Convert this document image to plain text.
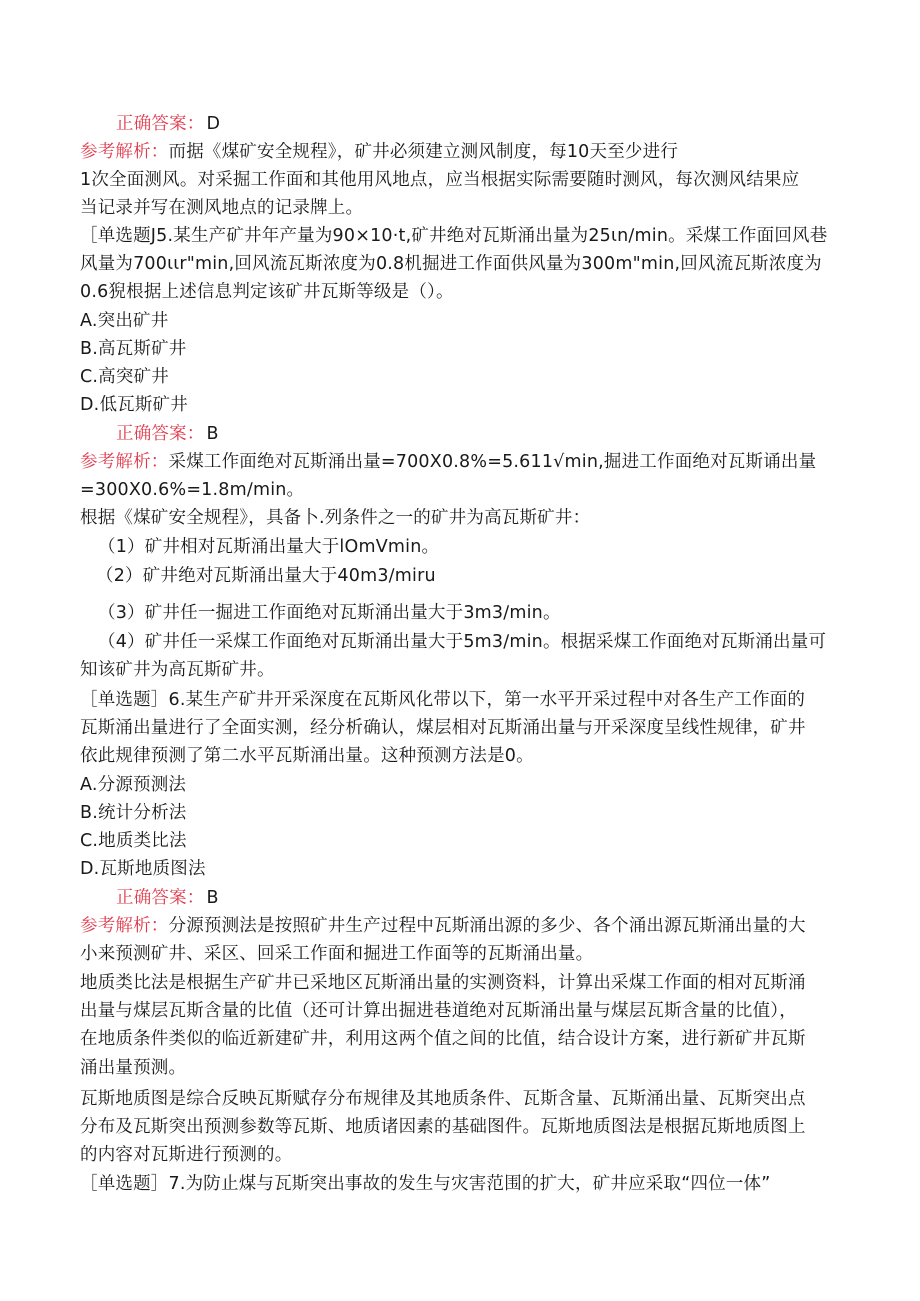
正确答案： D
参考解析：而据《煤矿安全规程》，矿井必须建立测风制度，每10天至少进行
1次全面测风。对采掘工作面和其他用风地点，应当根据实际需要随时测风，每次测风结果应
当记录并写在测风地点的记录牌上。
［单选题J5.某生产矿井年产量为90×10·t,矿井绝对瓦斯涌出量为25ιn∕min。采煤工作面回风巷
风量为700ιιr"min,回风流瓦斯浓度为0.8机掘进工作面供风量为300m"min,回风流瓦斯浓度为
0.6猊根据上述信息判定该矿井瓦斯等级是（）。
A.突出矿井
B.高瓦斯矿井
C.高突矿井
D.低瓦斯矿井
正确答案： B
参考解析：采煤工作面绝对瓦斯涌出量=700X0.8%=5.611√min,掘进工作面绝对瓦斯诵出量
=300X0.6%=1.8m∕min。
根据《煤矿安全规程》，具备卜.列条件之一的矿井为高瓦斯矿井：
（1）矿井相对瓦斯涌出量大于lOmVmin。
（2）矿井绝对瓦斯涌出量大于40m3∕miru
（3）矿井任一掘进工作面绝对瓦斯涌出量大于3m3∕min。
（4）矿井任一采煤工作面绝对瓦斯涌出量大于5m3∕min。根据采煤工作面绝对瓦斯涌出量可
知该矿井为高瓦斯矿井。
［单选题］6.某生产矿井开采深度在瓦斯风化带以下，第一水平开采过程中对各生产工作面的
瓦斯涌出量进行了全面实测，经分析确认，煤层相对瓦斯涌出量与开采深度呈线性规律，矿井
依此规律预测了第二水平瓦斯涌出量。这种预测方法是0。
A.分源预测法
B.统计分析法
C.地质类比法
D.瓦斯地质图法
正确答案： B
参考解析：分源预测法是按照矿井生产过程中瓦斯涌出源的多少、各个涌出源瓦斯涌出量的大
小来预测矿井、采区、回采工作面和掘进工作面等的瓦斯涌出量。
地质类比法是根据生产矿井已采地区瓦斯涌出量的实测资料，计算出采煤工作面的相对瓦斯涌
出量与煤层瓦斯含量的比值（还可计算出掘进巷道绝对瓦斯涌出量与煤层瓦斯含量的比值），
在地质条件类似的临近新建矿井，利用这两个值之间的比值，结合设计方案，进行新矿井瓦斯
涌出量预测。
瓦斯地质图是综合反映瓦斯赋存分布规律及其地质条件、瓦斯含量、瓦斯涌出量、瓦斯突出点
分布及瓦斯突出预测参数等瓦斯、地质诸因素的基础图件。瓦斯地质图法是根据瓦斯地质图上
的内容对瓦斯进行预测的。
［单选题］7.为防止煤与瓦斯突出事故的发生与灾害范围的扩大，矿井应采取“四位一体”
